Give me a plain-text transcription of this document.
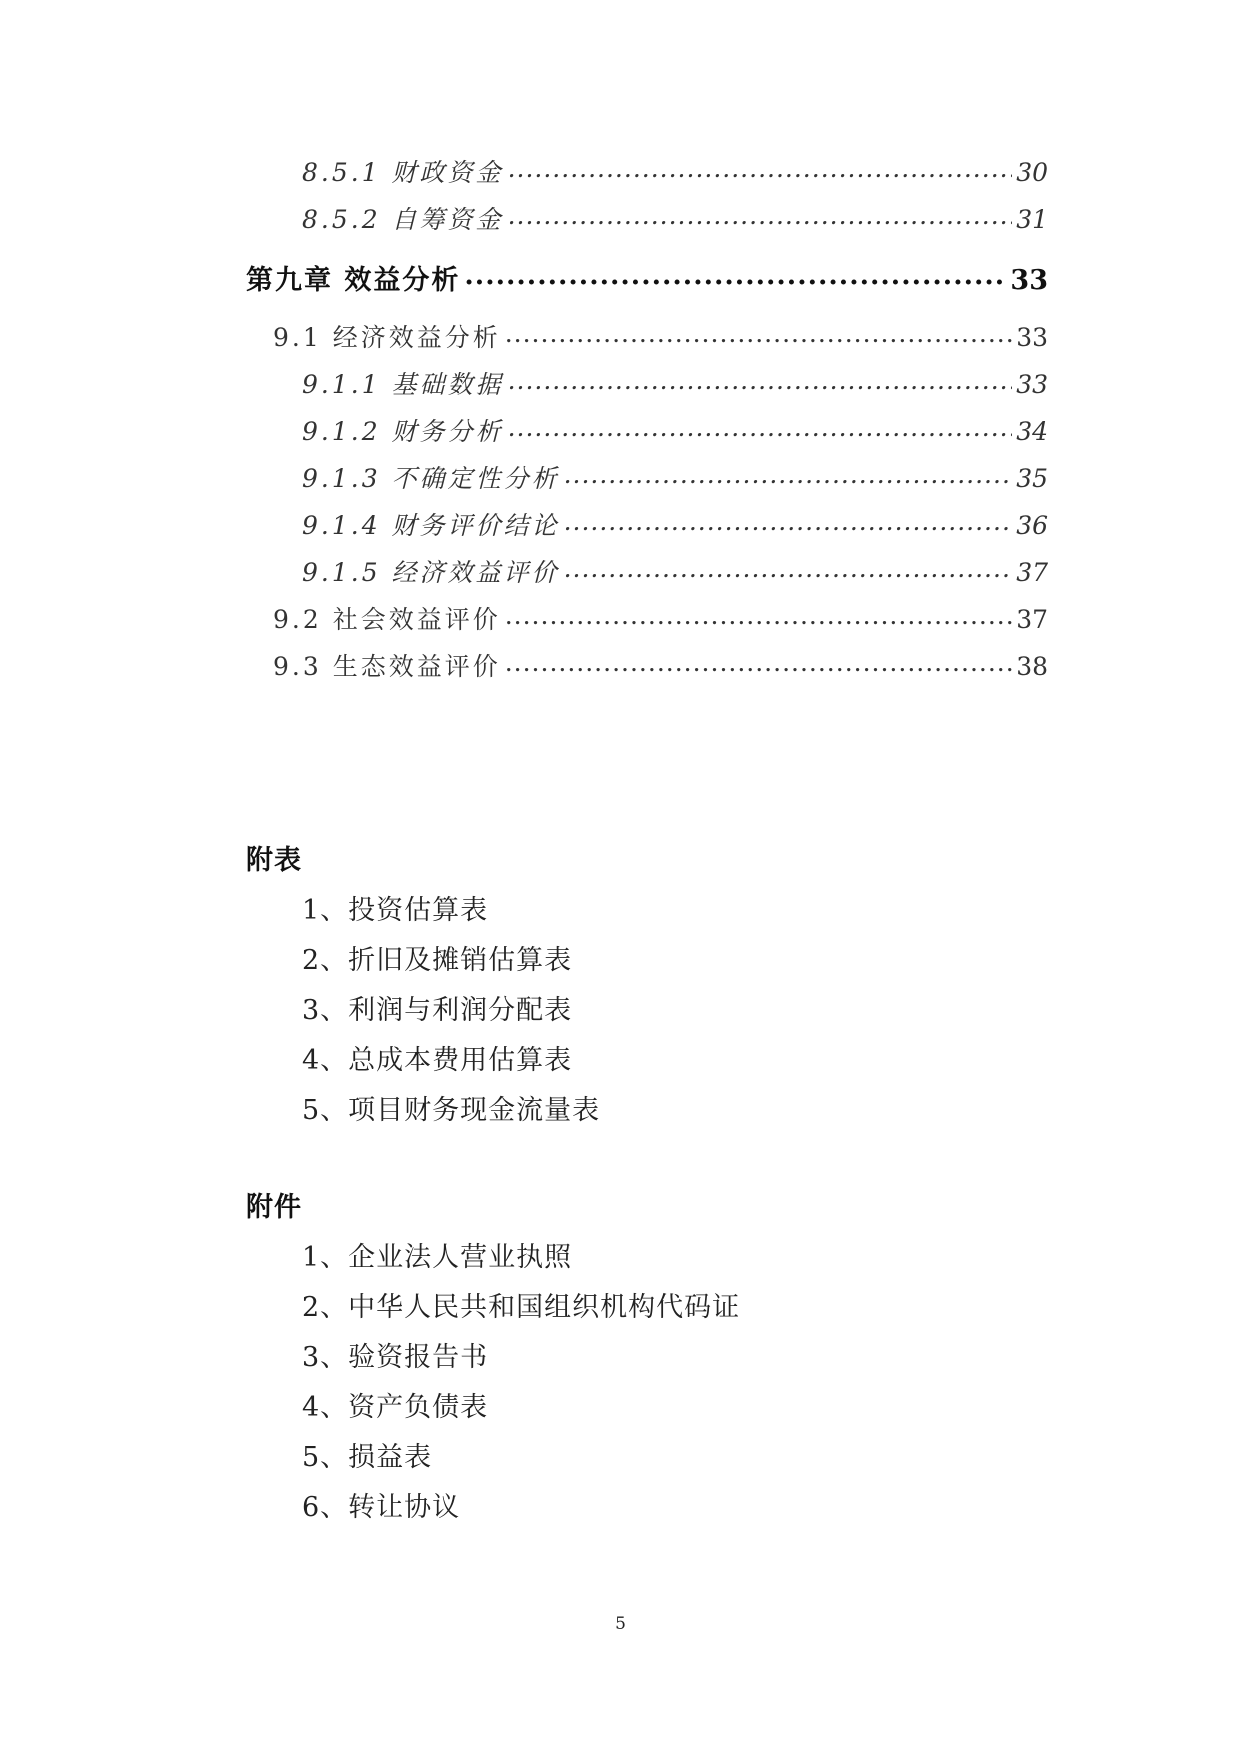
8.5.1 财政资金 .....	30
8.5.2 自筹资金 .....	31
第九章 效益分析 .....	33
9.1 经济效益分析 .....	33
9.1.1 基础数据 .....	33
9.1.2 财务分析 .....	34
9.1.3 不确定性分析 .....	35
9.1.4 财务评价结论 .....	36
9.1.5 经济效益评价 .....	37
9.2 社会效益评价 .....	37
9.3 生态效益评价 .....	38
附表
1、投资估算表
2、折旧及摊销估算表
3、利润与利润分配表
4、总成本费用估算表
5、项目财务现金流量表
附件
1、企业法人营业执照
2、中华人民共和国组织机构代码证
3、验资报告书
4、资产负债表
5、损益表
6、转让协议
5
